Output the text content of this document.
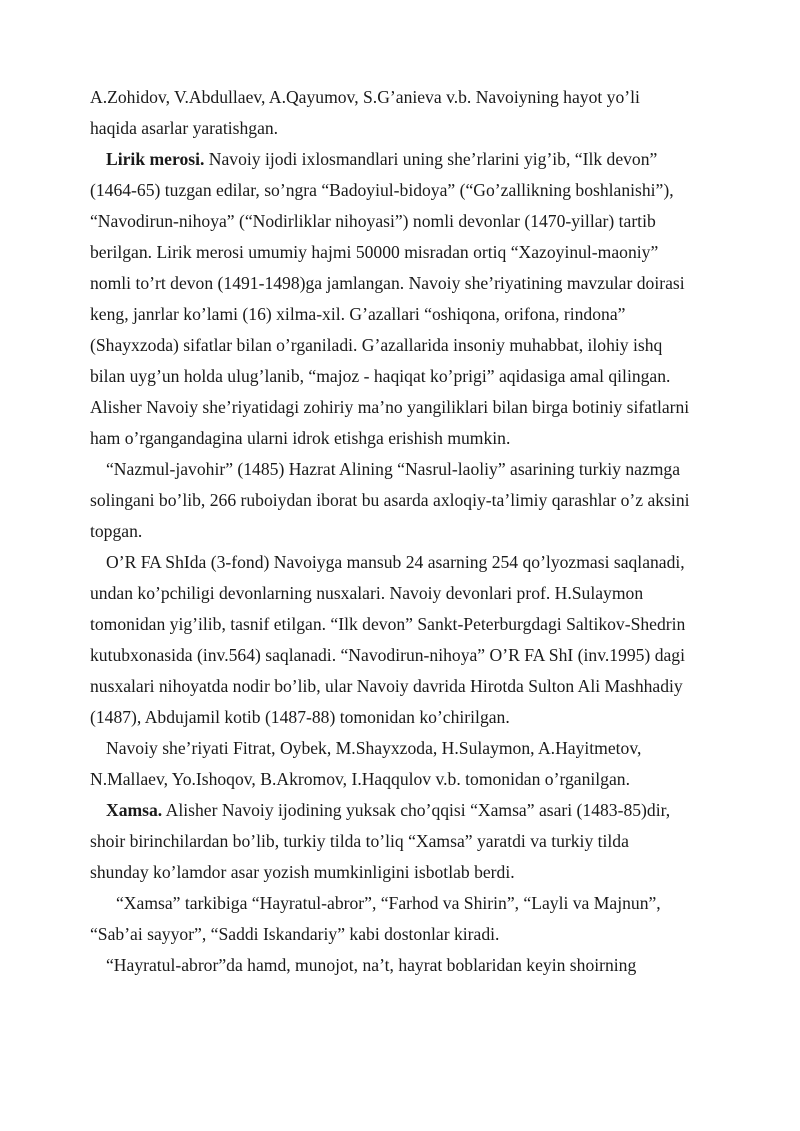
A.Zohidov, V.Abdullaev, A.Qayumov, S.G’anieva v.b. Navoiyning hayot yo’li
haqida asarlar yaratishgan.
Lirik merosi. Navoiy ijodi ixlosmandlari uning she’rlarini yig’ib, “Ilk devon”
(1464-65) tuzgan edilar, so’ngra “Badoyiul-bidoya” (“Go’zallikning boshlanishi”),
“Navodirun-nihoya” (“Nodirliklar nihoyasi”) nomli devonlar (1470-yillar) tartib
berilgan. Lirik merosi umumiy hajmi 50000 misradan ortiq “Xazoyinul-maoniy”
nomli to’rt devon (1491-1498)ga jamlangan. Navoiy she’riyatining mavzular doirasi
keng, janrlar ko’lami (16) xilma-xil. G’azallari “oshiqona, orifona, rindona”
(Shayxzoda) sifatlar bilan o’rganiladi. G’azallarida insoniy muhabbat, ilohiy ishq
bilan uyg’un holda ulug’lanib, “majoz - haqiqat ko’prigi” aqidasiga amal qilingan.
Alisher Navoiy she’riyatidagi zohiriy ma’no yangiliklari bilan birga botiniy sifatlarni
ham o’rgangandagina ularni idrok etishga erishish mumkin.
“Nazmul-javohir” (1485) Hazrat Alining “Nasrul-laoliy” asarining turkiy nazmga
solingani bo’lib, 266 ruboiydan iborat bu asarda axloqiy-ta’limiy qarashlar o’z aksini
topgan.
O’R FA ShIda (3-fond) Navoiyga mansub 24 asarning 254 qo’lyozmasi saqlanadi,
undan ko’pchiligi devonlarning nusxalari. Navoiy devonlari prof. H.Sulaymon
tomonidan yig’ilib, tasnif etilgan. “Ilk devon” Sankt-Peterburgdagi Saltikov-Shedrin
kutubxonasida (inv.564) saqlanadi. “Navodirun-nihoya” O’R FA ShI (inv.1995) dagi
nusxalari nihoyatda nodir bo’lib, ular Navoiy davrida Hirotda Sulton Ali Mashhadiy
(1487), Abdujamil kotib (1487-88) tomonidan ko’chirilgan.
Navoiy she’riyati Fitrat, Oybek, M.Shayxzoda, H.Sulaymon, A.Hayitmetov,
N.Mallaev, Yo.Ishoqov, B.Akromov, I.Haqqulov v.b. tomonidan o’rganilgan.
Xamsa. Alisher Navoiy ijodining yuksak cho’qqisi “Xamsa” asari (1483-85)dir,
shoir birinchilardan bo’lib, turkiy tilda to’liq “Xamsa” yaratdi va turkiy tilda
shunday ko’lamdor asar yozish mumkinligini isbotlab berdi.
“Xamsa” tarkibiga “Hayratul-abror”, “Farhod va Shirin”, “Layli va Majnun”,
“Sab’ai sayyor”, “Saddi Iskandariy” kabi dostonlar kiradi.
“Hayratul-abror”da hamd, munojot, na’t, hayrat boblaridan keyin shoirning
